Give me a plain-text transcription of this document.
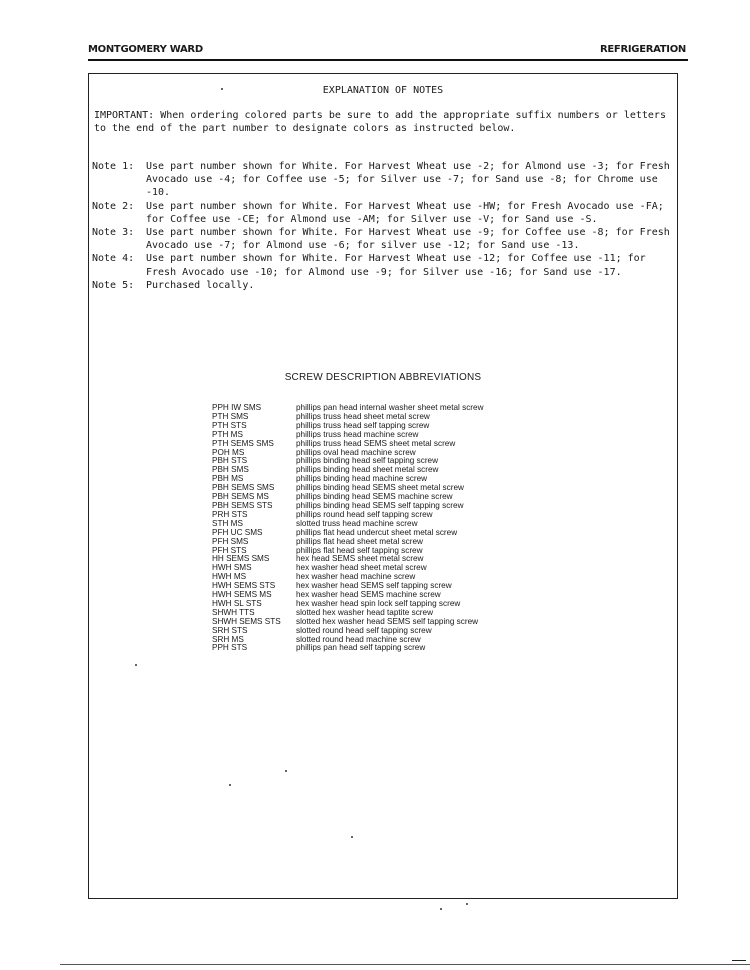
MONTGOMERY WARD	REFRIGERATION
EXPLANATION OF NOTES
IMPORTANT: When ordering colored parts be sure to add the appropriate suffix numbers or letters to the end of the part number to designate colors as instructed below.
Note 1:	Use part number shown for White. For Harvest Wheat use -2; for Almond use -3; for Fresh Avocado use -4; for Coffee use -5; for Silver use -7; for Sand use -8; for Chrome use -10.
Note 2:	Use part number shown for White. For Harvest Wheat use -HW; for Fresh Avocado use -FA; for Coffee use -CE; for Almond use -AM; for Silver use -V; for Sand use -S.
Note 3:	Use part number shown for White. For Harvest Wheat use -9; for Coffee use -8; for Fresh Avocado use -7; for Almond use -6; for silver use -12; for Sand use -13.
Note 4:	Use part number shown for White. For Harvest Wheat use -12; for Coffee use -11; for Fresh Avocado use -10; for Almond use -9; for Silver use -16; for Sand use -17.
Note 5:	Purchased locally.
SCREW DESCRIPTION ABBREVIATIONS
PPH IW SMS	phillips pan head internal washer sheet metal screw
PTH SMS	phillips truss head sheet metal screw
PTH STS	phillips truss head self tapping screw
PTH MS	phillips truss head machine screw
PTH SEMS SMS	phillips truss head SEMS sheet metal screw
POH MS	phillips oval head machine screw
PBH STS	phillips binding head self tapping screw
PBH SMS	phillips binding head sheet metal screw
PBH MS	phillips binding head machine screw
PBH SEMS SMS	phillips binding head SEMS sheet metal screw
PBH SEMS MS	phillips binding head SEMS machine screw
PBH SEMS STS	phillips binding head SEMS self tapping screw
PRH STS	phillips round head self tapping screw
STH MS	slotted truss head machine screw
PFH UC SMS	phillips flat head undercut sheet metal screw
PFH SMS	phillips flat head sheet metal screw
PFH STS	phillips flat head self tapping screw
HH SEMS SMS	hex head SEMS sheet metal screw
HWH SMS	hex washer head sheet metal screw
HWH MS	hex washer head machine screw
HWH SEMS STS	hex washer head SEMS self tapping screw
HWH SEMS MS	hex washer head SEMS machine screw
HWH SL STS	hex washer head spin lock self tapping screw
SHWH TTS	slotted hex washer head taptite screw
SHWH SEMS STS	slotted hex washer head SEMS self tapping screw
SRH STS	slotted round head self tapping screw
SRH MS	slotted round head machine screw
PPH STS	phillips pan head self tapping screw
